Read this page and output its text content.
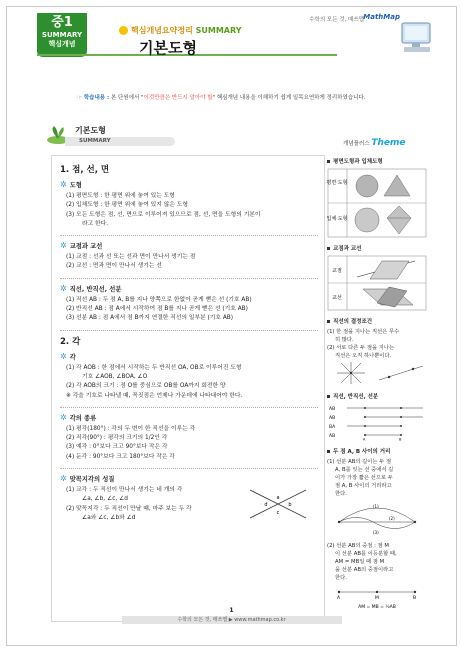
중1
SUMMARY
핵심개념
핵심개념요약정리 SUMMARY
기본도형
수학의 모든 것, 매쓰맵 MathMap
☞ 학습내용 : 본 단원에서 "이것만큼은 반드시 알아야 할" 핵심개념 내용을 이해하기 쉽게 일목요연하게 정리하였습니다.
SUMMARY
기본도형
개념플러스 Theme
1. 점, 선, 면
✲ 도형
(1) 평면도형 : 한 평면 위에 놓여 있는 도형
(2) 입체도형 : 한 평면 위에 놓여 있지 않은 도형
(3) 모든 도형은 점, 선, 면으로 이루어져 있으므로 점, 선, 면을 도형의 기본이
라고 한다.
✲ 교점과 교선
(1) 교점 : 선과 선 또는 선과 면이 만나서 생기는 점
(2) 교선 : 면과 면이 만나서 생기는 선
✲ 직선, 반직선, 선분
(1) 직선 AB : 두 점 A, B를 지나 양쪽으로 한없이 곧게 뻗은 선 (기호 AB)
(2) 반직선 AB : 점 A에서 시작하여 점 B를 지나 곧게 뻗은 선 (기호 AB)
(3) 선분 AB : 점 A에서 점 B까지 연결한 직선의 일부분 (기호 AB)
2. 각
✲ 각
(1) 각 AOB : 한 점에서 시작하는 두 반직선 OA, OB로 이루어진 도형
기호 ∠AOB, ∠BOA, ∠O
(2) 각 AOB의 크기 : 점 O를 중심으로 OB를 OA까지 회전한 양
※ 각을 기호로 나타낼 때, 꼭짓점은 언제나 가운데에 나타내어야 한다.
✲ 각의 종류
(1) 평각(180°) : 각의 두 변이 한 직선을 이루는 각
(2) 직각(90°) : 평각의 크기의 1/2인 각
(3) 예각 : 0°보다 크고 90°보다 작은 각
(4) 둔각 : 90°보다 크고 180°보다 작은 각
✲ 맞꼭지각의 성질
(1) 교각 : 두 직선이 만나서 생기는 네 개의 각
∠a, ∠b, ∠c, ∠d
(2) 맞꼭지각 : 두 직선이 만날 때, 마주 보는 두 각
∠a와 ∠c, ∠b와 ∠d
a
b
c
d
평면도형과 입체도형
평면 도형
입체 도형
교점과 교선
교점
교선
직선의 결정조건
(1) 한 점을 지나는 직선은 무수
히 많다.
(2) 서로 다른 두 점을 지나는
직선은 오직 하나뿐이다.
직선, 반직선, 선분
AB
AB
BA
AB
A	B
두 점 A, B 사이의 거리
(1) 선분 AB의 길이는 두 점
A, B를 잇는 선 중에서 길
이가 가장 짧은 선으로 두
점 A, B 사이의 거리라고
한다.
(1)
(2)
(3)
(2) 선분 AB의 중점 : 점 M
이 선분 AB를 이등분할 때,
AM = MB일 때 점 M
을 선분 AB의 중점이라고
한다.
A	M	B
AM = MB = ½AB
1
수학의 모든 것, 매쓰맵 ▶ www.mathmap.co.kr
